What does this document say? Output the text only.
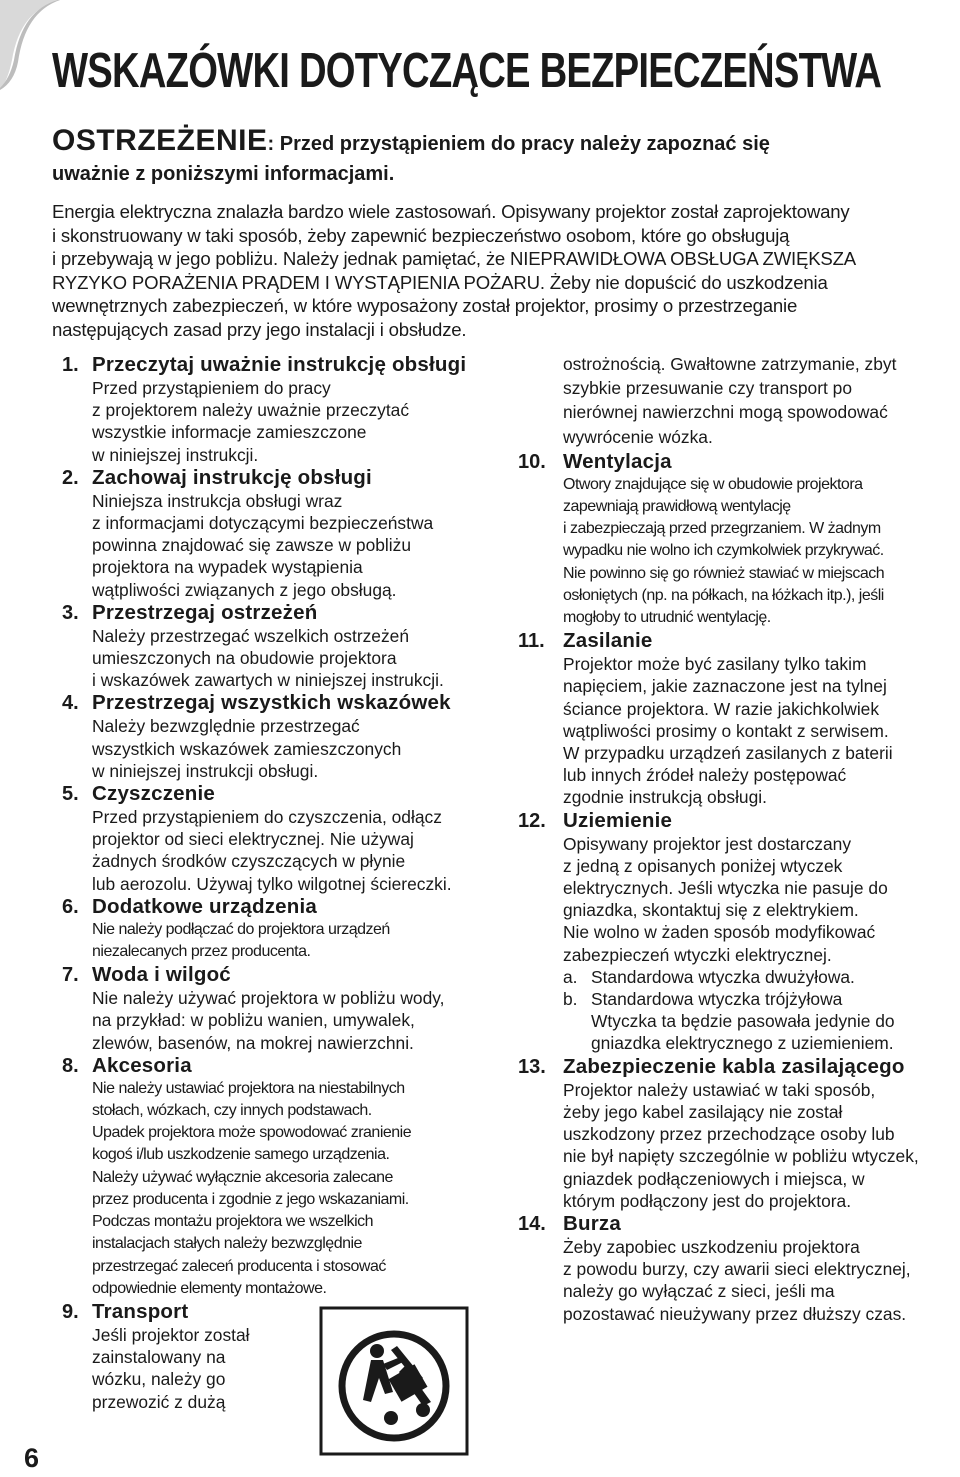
WSKAZÓWKI DOTYCZĄCE BEZPIECZEŃSTWA

OSTRZEŻENIE: Przed przystąpieniem do pracy należy zapoznać się
uważnie z poniższymi informacjami.

Energia elektryczna znalazła bardzo wiele zastosowań. Opisywany projektor został zaprojektowany
i skonstruowany w taki sposób, żeby zapewnić bezpieczeństwo osobom, które go obsługują
i przebywają w jego pobliżu. Należy jednak pamiętać, że NIEPRAWIDŁOWA OBSŁUGA ZWIĘKSZA
RYZYKO PORAŻENIA PRĄDEM I WYSTĄPIENIA POŻARU. Żeby nie dopuścić do uszkodzenia
wewnętrznych zabezpieczeń, w które wyposażony został projektor, prosimy o przestrzeganie
następujących zasad przy jego instalacji i obsłudze.
1. Przeczytaj uważnie instrukcję obsługi
Przed przystąpieniem do pracy
z projektorem należy uważnie przeczytać
wszystkie informacje zamieszczone
w niniejszej instrukcji.
2. Zachowaj instrukcję obsługi
Niniejsza instrukcja obsługi wraz
z informacjami dotyczącymi bezpieczeństwa
powinna znajdować się zawsze w pobliżu
projektora na wypadek wystąpienia
wątpliwości związanych z jego obsługą.
3. Przestrzegaj ostrzeżeń
Należy przestrzegać wszelkich ostrzeżeń
umieszczonych na obudowie projektora
i wskazówek zawartych w niniejszej instrukcji.
4. Przestrzegaj wszystkich wskazówek
Należy bezwzględnie przestrzegać
wszystkich wskazówek zamieszczonych
w niniejszej instrukcji obsługi.
5. Czyszczenie
Przed przystąpieniem do czyszczenia, odłącz
projektor od sieci elektrycznej. Nie używaj
żadnych środków czyszczących w płynie
lub aerozolu. Używaj tylko wilgotnej ściereczki.
6. Dodatkowe urządzenia
Nie należy podłączać do projektora urządzeń
niezalecanych przez producenta.
7. Woda i wilgoć
Nie należy używać projektora w pobliżu wody,
na przykład: w pobliżu wanien, umywalek,
zlewów, basenów, na mokrej nawierzchni.
8. Akcesoria
Nie należy ustawiać projektora na niestabilnych
stołach, wózkach, czy innych podstawach.
Upadek projektora może spowodować zranienie
kogoś i/lub uszkodzenie samego urządzenia.
Należy używać wyłącznie akcesoria zalecane
przez producenta i zgodnie z jego wskazaniami.
Podczas montażu projektora we wszelkich
instalacjach stałych należy bezwzględnie
przestrzegać zaleceń producenta i stosować
odpowiednie elementy montażowe.
9. Transport
Jeśli projektor został
zainstalowany na
wózku, należy go
przewozić z dużą
ostrożnością. Gwałtowne zatrzymanie, zbyt
szybkie przesuwanie czy transport po
nierównej nawierzchni mogą spowodować
wywrócenie wózka.
10. Wentylacja
Otwory znajdujące się w obudowie projektora
zapewniają prawidłową wentylację
i zabezpieczają przed przegrzaniem. W żadnym
wypadku nie wolno ich czymkolwiek przykrywać.
Nie powinno się go również stawiać w miejscach
osłoniętych (np. na półkach, na łóżkach itp.), jeśli
mogłoby to utrudnić wentylację.
11. Zasilanie
Projektor może być zasilany tylko takim
napięciem, jakie zaznaczone jest na tylnej
ściance projektora. W razie jakichkolwiek
wątpliwości prosimy o kontakt z serwisem.
W przypadku urządzeń zasilanych z baterii
lub innych źródeł należy postępować
zgodnie instrukcją obsługi.
12. Uziemienie
Opisywany projektor jest dostarczany
z jedną z opisanych poniżej wtyczek
elektrycznych. Jeśli wtyczka nie pasuje do
gniazdka, skontaktuj się z elektrykiem.
Nie wolno w żaden sposób modyfikować
zabezpieczeń wtyczki elektrycznej.
a. Standardowa wtyczka dwużyłowa.
b. Standardowa wtyczka trójżyłowa
Wtyczka ta będzie pasowała jedynie do
gniazdka elektrycznego z uziemieniem.
13. Zabezpieczenie kabla zasilającego
Projektor należy ustawiać w taki sposób,
żeby jego kabel zasilający nie został
uszkodzony przez przechodzące osoby lub
nie był napięty szczególnie w pobliżu wtyczek,
gniazdek podłączeniowych i miejsca, w
którym podłączony jest do projektora.
14. Burza
Żeby zapobiec uszkodzeniu projektora
z powodu burzy, czy awarii sieci elektrycznej,
należy go wyłączać z sieci, jeśli ma
pozostawać nieużywany przez dłuższy czas.
6
